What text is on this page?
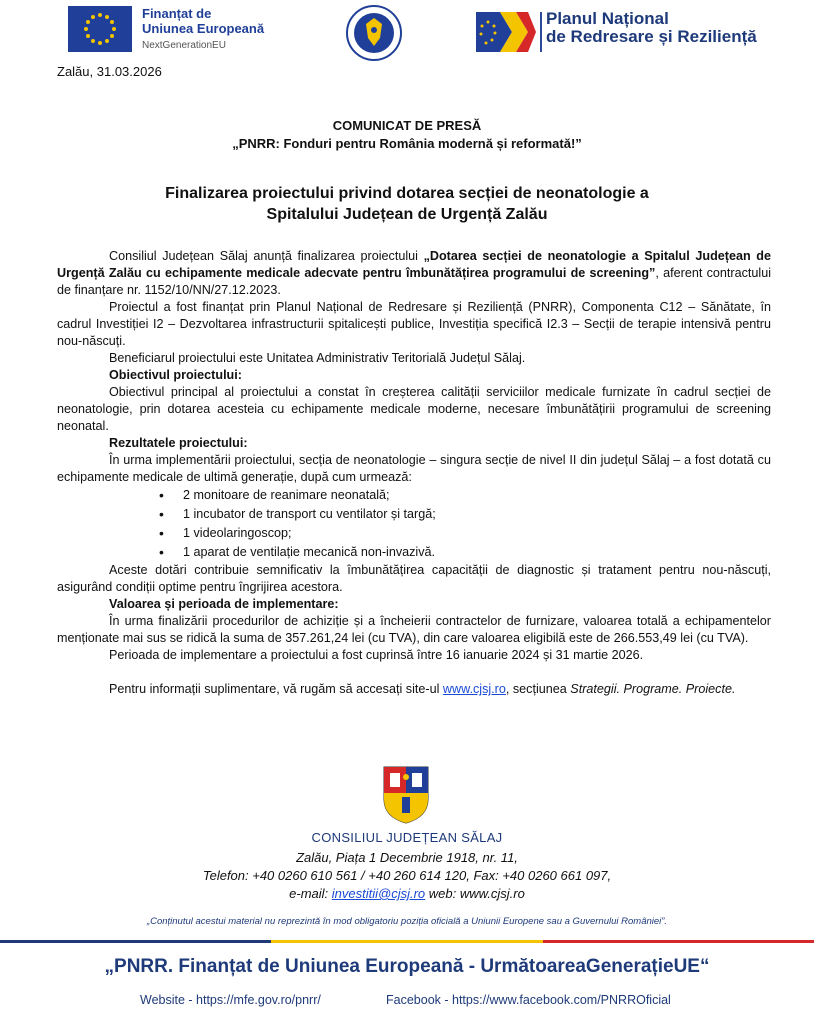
Finanțat de
Uniunea Europeană
NextGenerationEU
Planul Național
de Redresare și Reziliență
Zalău, 31.03.2026
COMUNICAT DE PRESĂ
„PNRR: Fonduri pentru România modernă și reformată!”
Finalizarea proiectului privind dotarea secției de neonatologie a
Spitalului Județean de Urgență Zalău

Consiliul Județean Sălaj anunță finalizarea proiectului „Dotarea secției de neonatologie a Spitalul Județean de Urgență Zalău cu echipamente medicale adecvate pentru îmbunătățirea programului de screening”, aferent contractului de finanțare nr. 1152/10/NN/27.12.2023.

Proiectul a fost finanțat prin Planul Național de Redresare și Reziliență (PNRR), Componenta C12 – Sănătate, în cadrul Investiției I2 – Dezvoltarea infrastructurii spitalicești publice, Investiția specifică I2.3 – Secții de terapie intensivă pentru nou-născuți.

Beneficiarul proiectului este Unitatea Administrativ Teritorială Județul Sălaj.

Obiectivul proiectului:

Obiectivul principal al proiectului a constat în creșterea calității serviciilor medicale furnizate în cadrul secției de neonatologie, prin dotarea acesteia cu echipamente medicale moderne, necesare îmbunătățirii programului de screening neonatal.

Rezultatele proiectului:

În urma implementării proiectului, secția de neonatologie – singura secție de nivel II din județul Sălaj – a fost dotată cu echipamente medicale de ultimă generație, după cum urmează:

• 2 monitoare de reanimare neonatală;
• 1 incubator de transport cu ventilator și targă;
• 1 videolaringoscop;
• 1 aparat de ventilație mecanică non-invazivă.

Aceste dotări contribuie semnificativ la îmbunătățirea capacității de diagnostic și tratament pentru nou-născuți, asigurând condiții optime pentru îngrijirea acestora.

Valoarea și perioada de implementare:

În urma finalizării procedurilor de achiziție și a încheierii contractelor de furnizare, valoarea totală a echipamentelor menționate mai sus se ridică la suma de 357.261,24 lei (cu TVA), din care valoarea eligibilă este de 266.553,49 lei (cu TVA).

Perioada de implementare a proiectului a fost cuprinsă între 16 ianuarie 2024 și 31 martie 2026.

Pentru informații suplimentare, vă rugăm să accesați site-ul www.cjsj.ro, secțiunea Strategii. Programe. Proiecte.

CONSILIUL JUDEȚEAN SĂLAJ
Zalău, Piața 1 Decembrie 1918, nr. 11,
Telefon: +40 0260 610 561 / +40 260 614 120, Fax: +40 0260 661 097,
e-mail: investitii@cjsj.ro web: www.cjsj.ro
„Conținutul acestui material nu reprezintă în mod obligatoriu poziția oficială a Uniunii Europene sau a Guvernului României”.
„PNRR. Finanțat de Uniunea Europeană - UrmătoareaGenerațieUE“
Website - https://mfe.gov.ro/pnrr/	Facebook - https://www.facebook.com/PNRROficial
